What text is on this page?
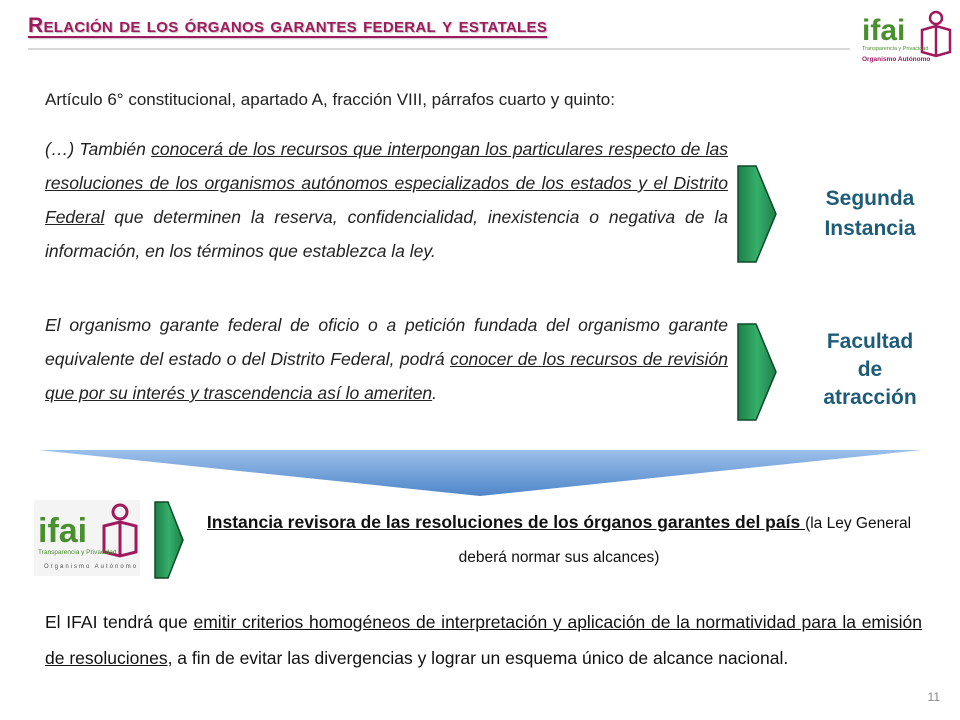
Relación de los órganos garantes federal y estatales	ifai
Transparencia y Privacidad
Organismo Autónomo
Artículo 6° constitucional, apartado A, fracción VIII, párrafos cuarto y quinto:
(…) También conocerá de los recursos que interpongan los particulares respecto de las resoluciones de los organismos autónomos especializados de los estados y el Distrito Federal que determinen la reserva, confidencialidad, inexistencia o negativa de la información, en los términos que establezca la ley.
El organismo garante federal de oficio o a petición fundada del organismo garante equivalente del estado o del Distrito Federal, podrá conocer de los recursos de revisión que por su interés y trascendencia así lo ameriten.
Segunda
Instancia
Facultad
de
atracción
ifai
Transparencia y Privacidad
Organismo Autónomo
Instancia revisora de las resoluciones de los órganos garantes del país (la Ley General deberá normar sus alcances)
El IFAI tendrá que emitir criterios homogéneos de interpretación y aplicación de la normatividad para la emisión de resoluciones, a fin de evitar las divergencias y lograr un esquema único de alcance nacional.
11
